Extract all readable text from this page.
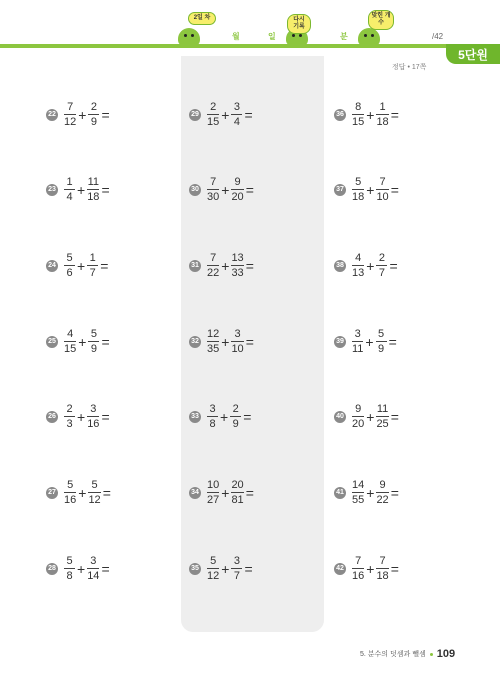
5단원
정답 • 17쪽
2일 차
월	일
다시 기록
분
맞힌 개수
/42
$22 \frac{7}{12} + \frac{2}{9}$ =
$23 \frac{1}{4} + \frac{11}{18}$ =
$24 \frac{5}{6} + \frac{1}{7}$ =
$25 \frac{4}{15} + \frac{5}{9}$ =
$26 \frac{2}{3} + \frac{3}{16}$ =
$27 \frac{5}{16} + \frac{5}{12}$ =
$28 \frac{5}{8} + \frac{3}{14}$ =
$29 \frac{2}{15} + \frac{3}{4}$ =
$30 \frac{7}{30} + \frac{9}{20}$ =
$31 \frac{7}{22} + \frac{13}{33}$ =
$32 \frac{12}{35} + \frac{3}{10}$ =
$33 \frac{3}{8} + \frac{2}{9}$ =
$34 \frac{10}{27} + \frac{20}{81}$ =
$35 \frac{5}{12} + \frac{3}{7}$ =
$36 \frac{8}{15} + \frac{1}{18}$ =
$37 \frac{5}{18} + \frac{7}{10}$ =
$38 \frac{4}{13} + \frac{2}{7}$ =
$39 \frac{3}{11} + \frac{5}{9}$ =
$40 \frac{9}{20} + \frac{11}{25}$ =
$41 \frac{14}{55} + \frac{9}{22}$ =
$42 \frac{7}{16} + \frac{7}{18}$ =
5. 분수의 덧셈과 뺄셈 109
